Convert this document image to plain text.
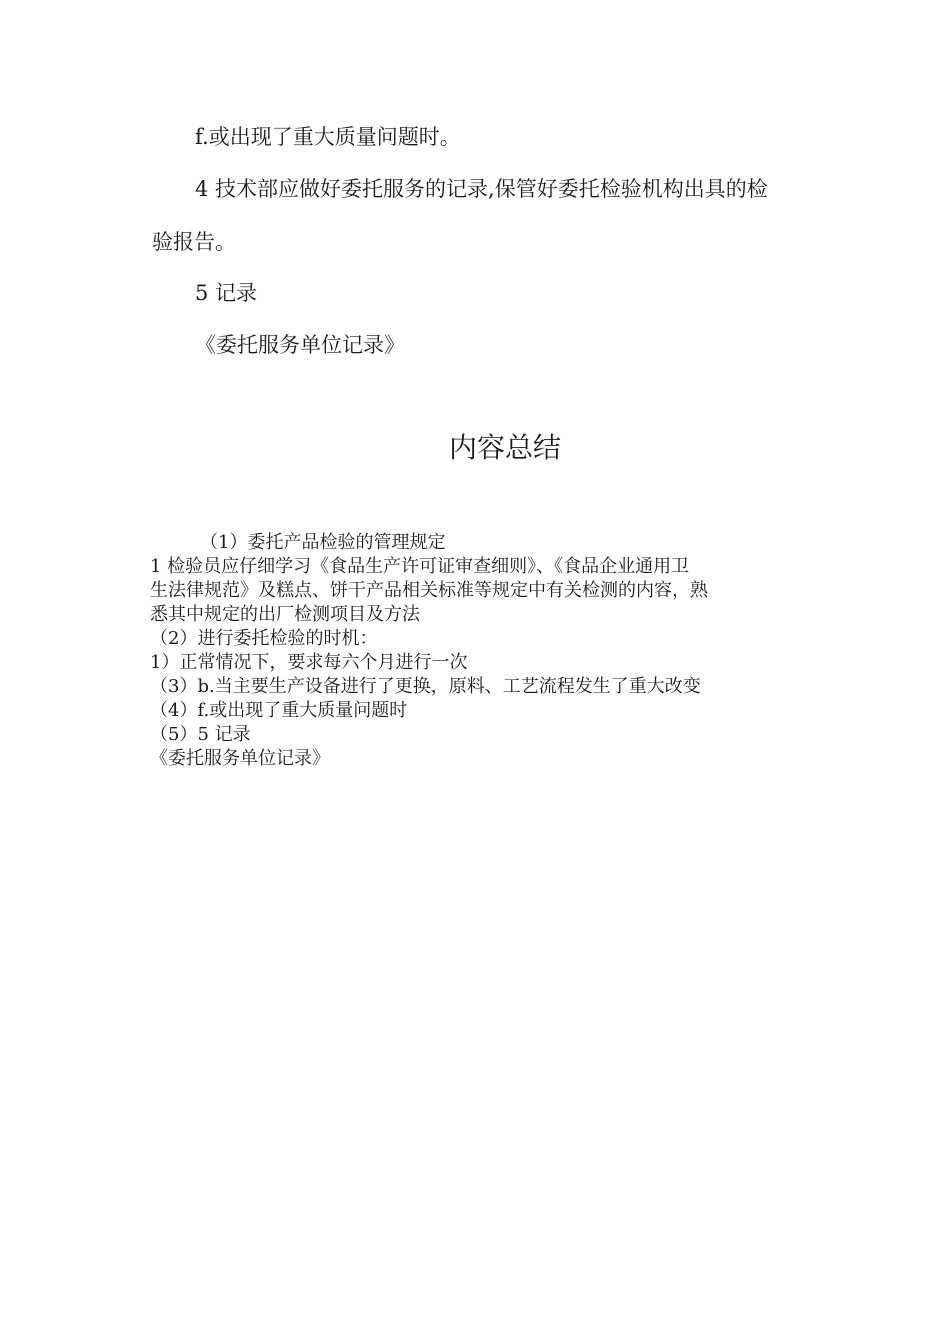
f.或出现了重大质量问题时。
4 技术部应做好委托服务的记录,保管好委托检验机构出具的检
验报告。
5 记录
《委托服务单位记录》
内容总结
（1）委托产品检验的管理规定
1 检验员应仔细学习《食品生产许可证审查细则》、《食品企业通用卫
生法律规范》及糕点、饼干产品相关标准等规定中有关检测的内容，熟
悉其中规定的出厂检测项目及方法
（2）进行委托检验的时机：
1）正常情况下，要求每六个月进行一次
（3）b.当主要生产设备进行了更换，原料、工艺流程发生了重大改变
（4）f.或出现了重大质量问题时
（5）5 记录
《委托服务单位记录》
